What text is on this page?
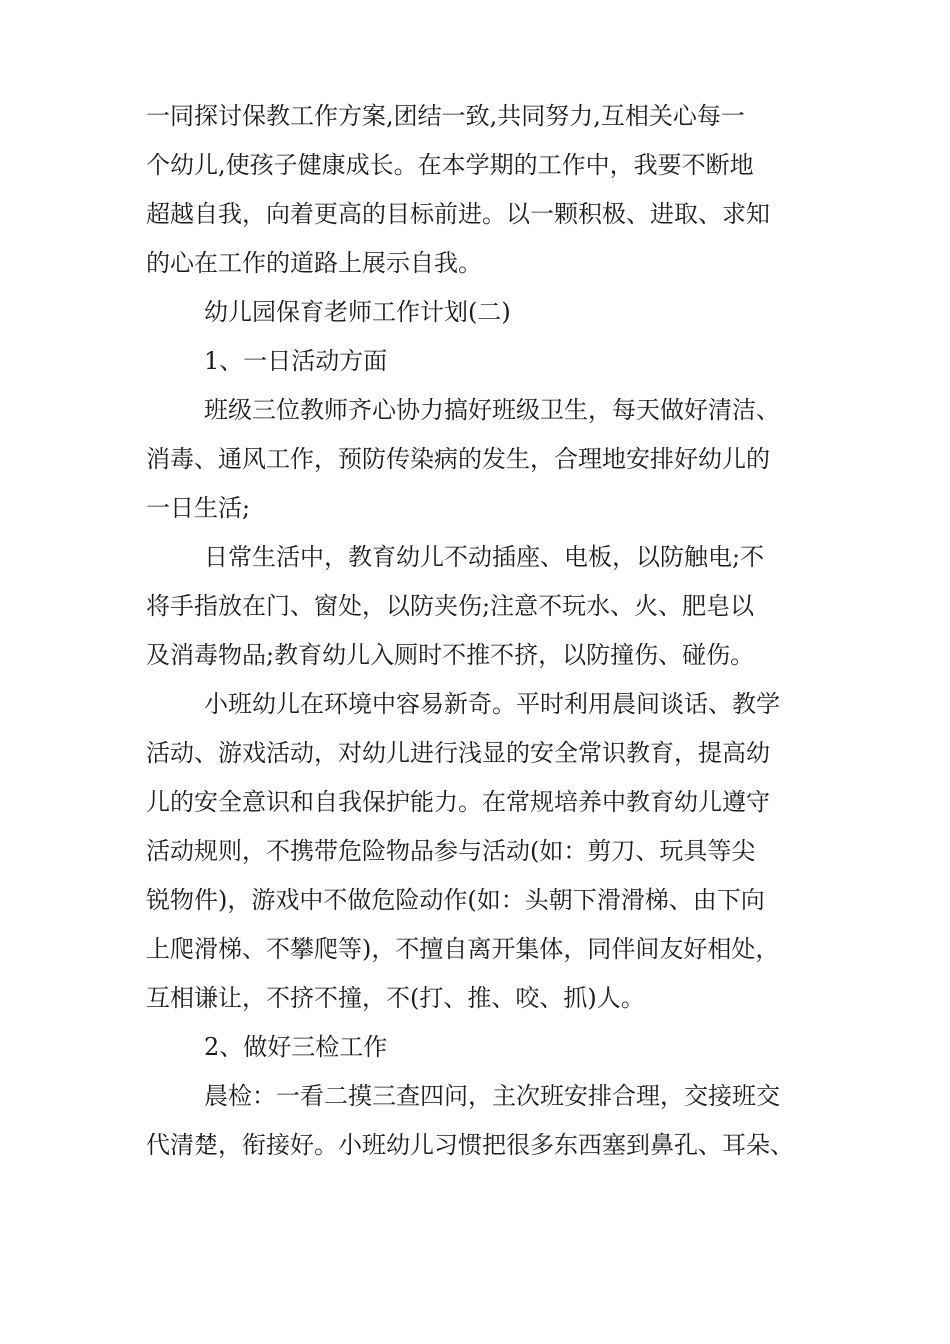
一同探讨保教工作方案,团结一致,共同努力,互相关心每一
个幼儿,使孩子健康成长。在本学期的工作中，我要不断地
超越自我，向着更高的目标前进。以一颗积极、进取、求知
的心在工作的道路上展示自我。

幼儿园保育老师工作计划(二)

1、一日活动方面

班级三位教师齐心协力搞好班级卫生，每天做好清洁、
消毒、通风工作，预防传染病的发生，合理地安排好幼儿的
一日生活;

日常生活中，教育幼儿不动插座、电板，以防触电;不
将手指放在门、窗处，以防夹伤;注意不玩水、火、肥皂以
及消毒物品;教育幼儿入厕时不推不挤，以防撞伤、碰伤。

小班幼儿在环境中容易新奇。平时利用晨间谈话、教学
活动、游戏活动，对幼儿进行浅显的安全常识教育，提高幼
儿的安全意识和自我保护能力。在常规培养中教育幼儿遵守
活动规则，不携带危险物品参与活动(如：剪刀、玩具等尖
锐物件)，游戏中不做危险动作(如：头朝下滑滑梯、由下向
上爬滑梯、不攀爬等)，不擅自离开集体，同伴间友好相处，
互相谦让，不挤不撞，不(打、推、咬、抓)人。

2、做好三检工作

晨检：一看二摸三查四问，主次班安排合理，交接班交
代清楚，衔接好。小班幼儿习惯把很多东西塞到鼻孔、耳朵、
